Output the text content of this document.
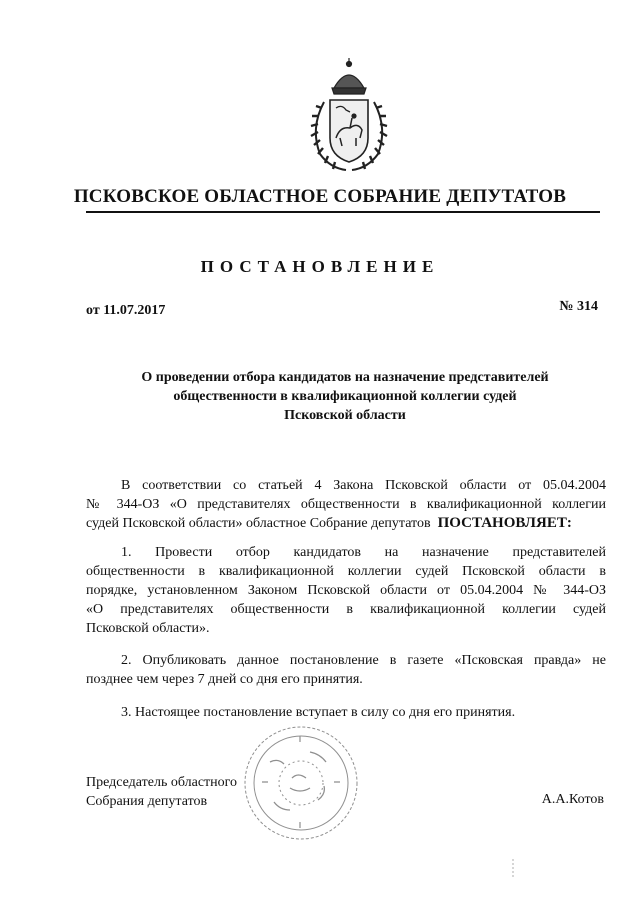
ПСКОВСКОЕ ОБЛАСТНОЕ СОБРАНИЕ ДЕПУТАТОВ
ПОСТАНОВЛЕНИЕ
от 11.07.2017	№ 314
О проведении отбора кандидатов на назначение представителей
общественности в квалификационной коллегии судей
Псковской области
В соответствии со статьей 4 Закона Псковской области от 05.04.2004
№ 344-ОЗ «О представителях общественности в квалификационной коллегии
судей Псковской области» областное Собрание депутатов ПОСТАНОВЛЯЕТ:
1. Провести отбор кандидатов на назначение представителей
общественности в квалификационной коллегии судей Псковской области в
порядке, установленном Законом Псковской области от 05.04.2004 № 344-ОЗ
«О представителях общественности в квалификационной коллегии судей
Псковской области».
2. Опубликовать данное постановление в газете «Псковская правда» не
позднее чем через 7 дней со дня его принятия.
3. Настоящее постановление вступает в силу со дня его принятия.
Председатель областного
Собрания депутатов	А.А.Котов
